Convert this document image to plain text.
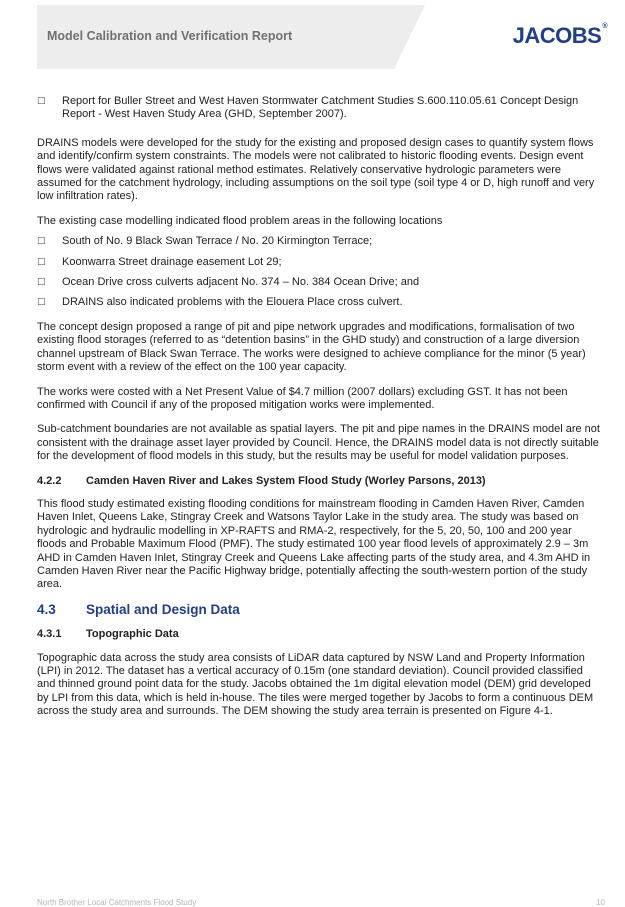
Model Calibration and Verification Report	JACOBS®
□ Report for Buller Street and West Haven Stormwater Catchment Studies S.600.110.05.61 Concept Design Report - West Haven Study Area (GHD, September 2007).

DRAINS models were developed for the study for the existing and proposed design cases to quantify system flows and identify/confirm system constraints. The models were not calibrated to historic flooding events. Design event flows were validated against rational method estimates. Relatively conservative hydrologic parameters were assumed for the catchment hydrology, including assumptions on the soil type (soil type 4 or D, high runoff and very low infiltration rates).

The existing case modelling indicated flood problem areas in the following locations

□ South of No. 9 Black Swan Terrace / No. 20 Kirmington Terrace;
□ Koonwarra Street drainage easement Lot 29;
□ Ocean Drive cross culverts adjacent No. 374 – No. 384 Ocean Drive; and
□ DRAINS also indicated problems with the Elouera Place cross culvert.

The concept design proposed a range of pit and pipe network upgrades and modifications, formalisation of two existing flood storages (referred to as “detention basins” in the GHD study) and construction of a large diversion channel upstream of Black Swan Terrace. The works were designed to achieve compliance for the minor (5 year) storm event with a review of the effect on the 100 year capacity.

The works were costed with a Net Present Value of $4.7 million (2007 dollars) excluding GST. It has not been confirmed with Council if any of the proposed mitigation works were implemented.

Sub-catchment boundaries are not available as spatial layers. The pit and pipe names in the DRAINS model are not consistent with the drainage asset layer provided by Council. Hence, the DRAINS model data is not directly suitable for the development of flood models in this study, but the results may be useful for model validation purposes.

4.2.2	Camden Haven River and Lakes System Flood Study (Worley Parsons, 2013)

This flood study estimated existing flooding conditions for mainstream flooding in Camden Haven River, Camden Haven Inlet, Queens Lake, Stingray Creek and Watsons Taylor Lake in the study area. The study was based on hydrologic and hydraulic modelling in XP-RAFTS and RMA-2, respectively, for the 5, 20, 50, 100 and 200 year floods and Probable Maximum Flood (PMF). The study estimated 100 year flood levels of approximately 2.9 – 3m AHD in Camden Haven Inlet, Stingray Creek and Queens Lake affecting parts of the study area, and 4.3m AHD in Camden Haven River near the Pacific Highway bridge, potentially affecting the south-western portion of the study area.

4.3	Spatial and Design Data
4.3.1	Topographic Data

Topographic data across the study area consists of LiDAR data captured by NSW Land and Property Information (LPI) in 2012. The dataset has a vertical accuracy of 0.15m (one standard deviation). Council provided classified and thinned ground point data for the study. Jacobs obtained the 1m digital elevation model (DEM) grid developed by LPI from this data, which is held in-house. The tiles were merged together by Jacobs to form a continuous DEM across the study area and surrounds. The DEM showing the study area terrain is presented on Figure 4-1.

North Brother Local Catchments Flood Study	10
